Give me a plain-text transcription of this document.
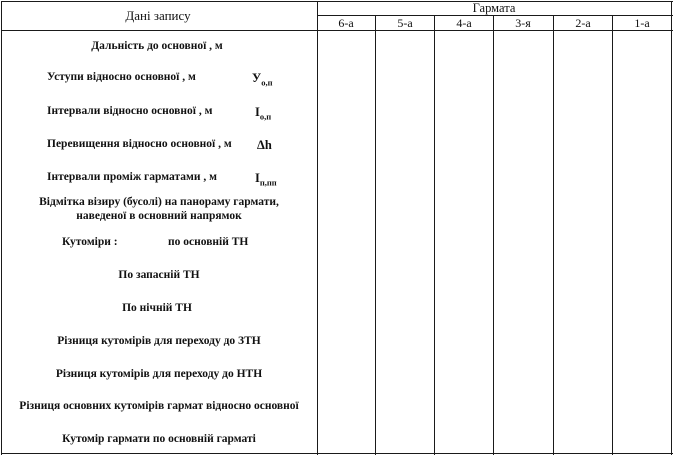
Дані запису	Гармата
6-а	5-а	4-а	3-я	2-а	1-а
Дальність до основної , м
Уступи відносно основної , м	$У_{о,п}$
Інтервали відносно основної , м	$І_{о,п}$
Перевищення відносно основної , м Δh
Інтервали проміж гарматами , м	$І_{п,пп}$
Відмітка візиру (бусолі) на панораму гармати,
наведеної в основний напрямок
Кутоміри :	по основній ТН
По запасній ТН
По нічній ТН
Різниця кутомірів для переходу до ЗТН
Різниця кутомірів для переходу до НТН
Різниця основних кутомірів гармат відносно основної
Кутомір гармати по основній гарматі
